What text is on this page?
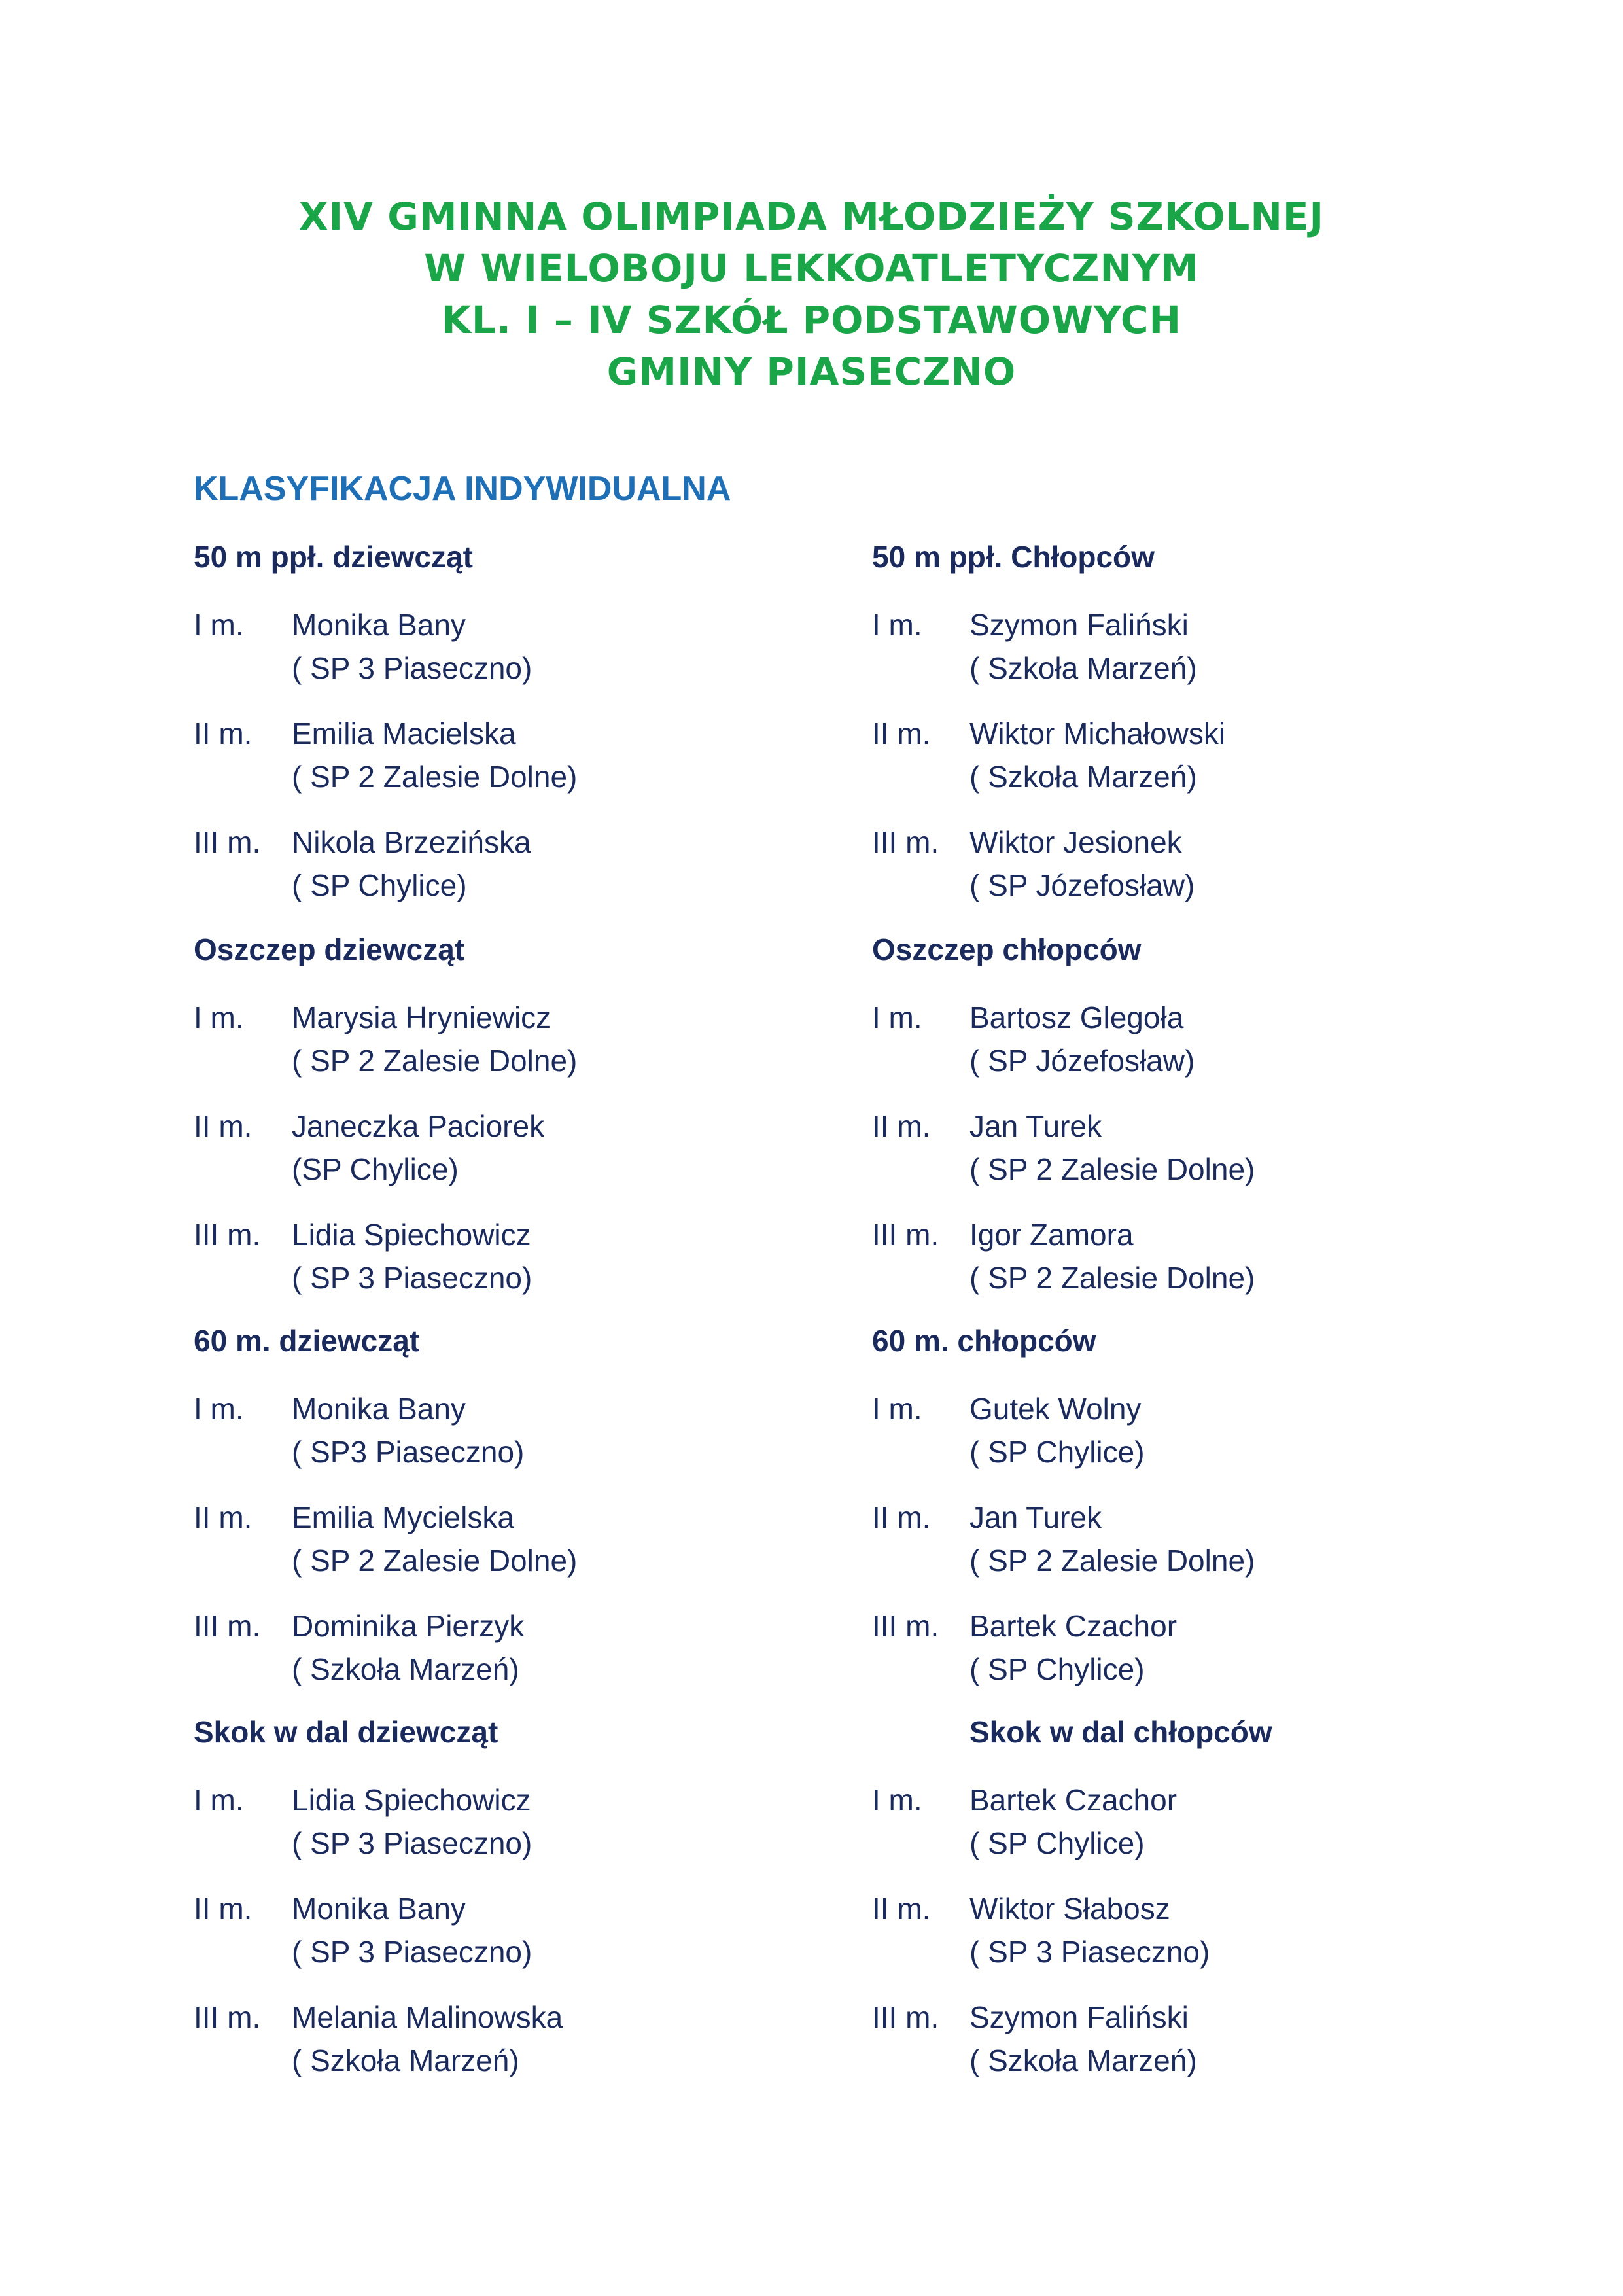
XIV GMINNA OLIMPIADA MŁODZIEŻY SZKOLNEJ
W WIELOBOJU LEKKOATLETYCZNYM
KL. I – IV SZKÓŁ PODSTAWOWYCH
GMINY PIASECZNO
KLASYFIKACJA INDYWIDUALNA
50 m ppł. dziewcząt
I m. Monika Bany
( SP 3 Piaseczno)
II m. Emilia Macielska
( SP 2 Zalesie Dolne)
III m. Nikola Brzezińska
( SP Chylice)
50 m ppł. Chłopców
I m. Szymon Faliński
( Szkoła Marzeń)
II m. Wiktor Michałowski
( Szkoła Marzeń)
III m. Wiktor Jesionek
( SP Józefosław)
Oszczep dziewcząt
I m. Marysia Hryniewicz
( SP 2 Zalesie Dolne)
II m. Janeczka Paciorek
(SP Chylice)
III m. Lidia Spiechowicz
( SP 3 Piaseczno)
Oszczep chłopców
I m. Bartosz Glegoła
( SP Józefosław)
II m. Jan Turek
( SP 2 Zalesie Dolne)
III m. Igor Zamora
( SP 2 Zalesie Dolne)
60 m. dziewcząt
I m. Monika Bany
( SP3 Piaseczno)
II m. Emilia Mycielska
( SP 2 Zalesie Dolne)
III m. Dominika Pierzyk
( Szkoła Marzeń)
60 m. chłopców
I m. Gutek Wolny
( SP Chylice)
II m. Jan Turek
( SP 2 Zalesie Dolne)
III m. Bartek Czachor
( SP Chylice)
Skok w dal dziewcząt
I m. Lidia Spiechowicz
( SP 3 Piaseczno)
II m. Monika Bany
( SP 3 Piaseczno)
III m. Melania Malinowska
( Szkoła Marzeń)
Skok w dal chłopców
I m. Bartek Czachor
( SP Chylice)
II m. Wiktor Słabosz
( SP 3 Piaseczno)
III m. Szymon Faliński
( Szkoła Marzeń)
